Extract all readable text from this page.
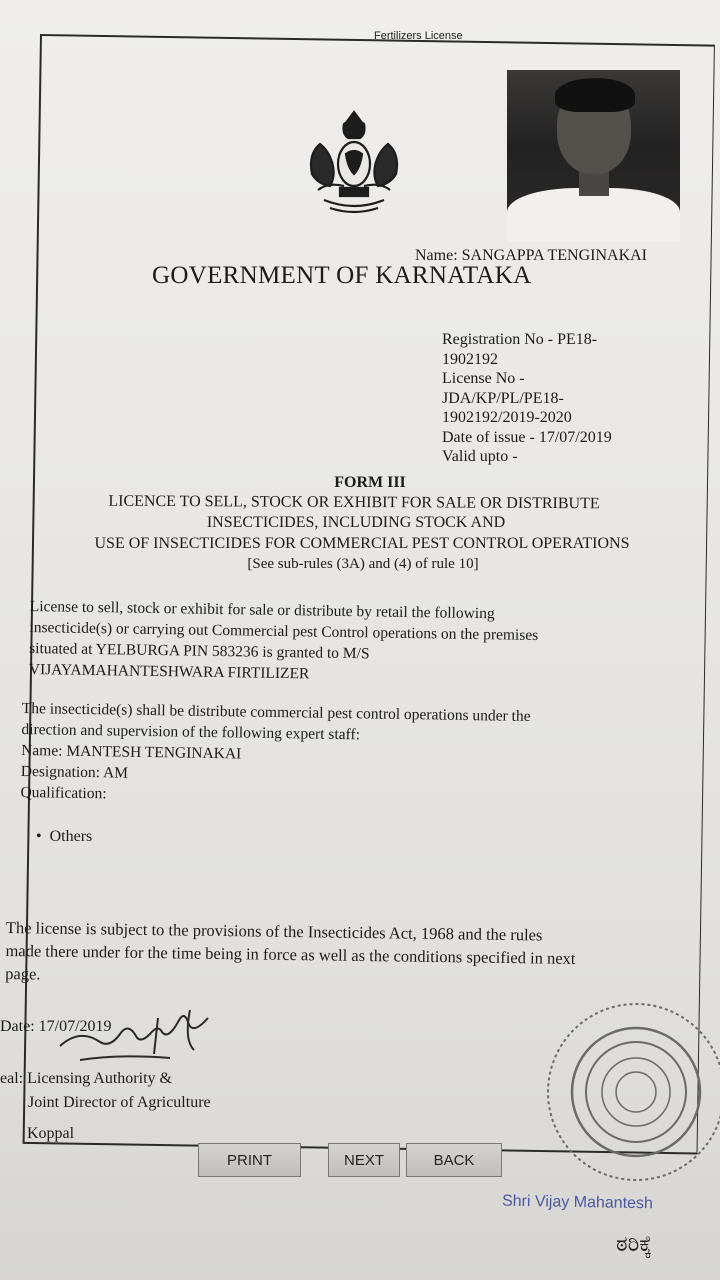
Fertilizers License
Name: SANGAPPA TENGINAKAI
GOVERNMENT OF KARNATAKA
Registration No - PE18-
1902192
License No -
JDA/KP/PL/PE18-
1902192/2019-2020
Date of issue - 17/07/2019
Valid upto -
FORM III
LICENCE TO SELL, STOCK OR EXHIBIT FOR SALE OR DISTRIBUTE
INSECTICIDES, INCLUDING STOCK AND
USE OF INSECTICIDES FOR COMMERCIAL PEST CONTROL OPERATIONS
[See sub-rules (3A) and (4) of rule 10]
License to sell, stock or exhibit for sale or distribute by retail the following
insecticide(s) or carrying out Commercial pest Control operations on the premises
situated at YELBURGA PIN 583236 is granted to M/S
VIJAYAMAHANTESHWARA FIRTILIZER
The insecticide(s) shall be distribute commercial pest control operations under the
direction and supervision of the following expert staff:
Name: MANTESH TENGINAKAI
Designation: AM
Qualification:
•  Others
The license is subject to the provisions of the Insecticides Act, 1968 and the rules
made there under for the time being in force as well as the conditions specified in next
page.
Date: 17/07/2019
eal: Licensing Authority &
Joint Director of Agriculture
Koppal
PRINT	NEXT	BACK
Shri Vijay Mahantesh
ಠರಿಕ್ಕೆ
